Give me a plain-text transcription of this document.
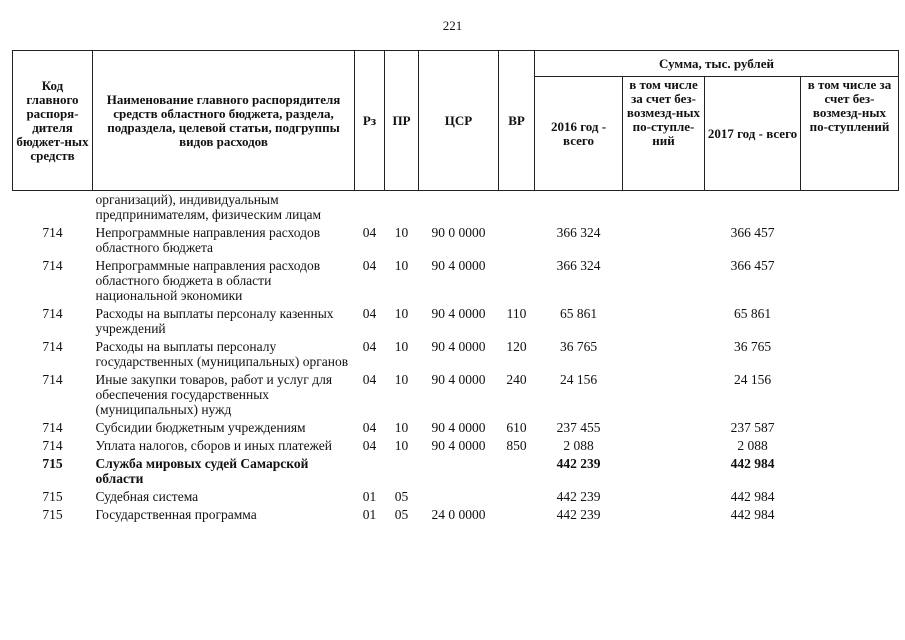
221
Код главного распоря-дителя бюджет-ных средств	Наименование главного распорядителя средств областного бюджета, раздела, подраздела, целевой статьи, подгруппы видов расходов	Рз	ПР	ЦСР	ВР	Сумма, тыс. рублей			
						2016 год - всего	в том числе за счет без-возмезд-ных по-ступле-ний	2017 год - всего	в том числе за счет без-возмезд-ных по-ступлений
	организаций), индивидуальным предпринимателям, физическим лицам								
714	Непрограммные направления расходов областного бюджета	04	10	90 0 0000		366 324		366 457	
714	Непрограммные направления расходов областного бюджета в области национальной экономики	04	10	90 4 0000		366 324		366 457	
714	Расходы на выплаты персоналу казенных учреждений	04	10	90 4 0000	110	65 861		65 861	
714	Расходы на выплаты персоналу государственных (муниципальных) органов	04	10	90 4 0000	120	36 765		36 765	
714	Иные закупки товаров, работ и услуг для обеспечения государственных (муниципальных) нужд	04	10	90 4 0000	240	24 156		24 156	
714	Субсидии бюджетным учреждениям	04	10	90 4 0000	610	237 455		237 587	
714	Уплата налогов, сборов и иных платежей	04	10	90 4 0000	850	2 088		2 088	
715	Служба мировых судей Самарской области					442 239		442 984	
715	Судебная система	01	05			442 239		442 984	
715	Государственная программа	01	05	24 0 0000		442 239		442 984	
